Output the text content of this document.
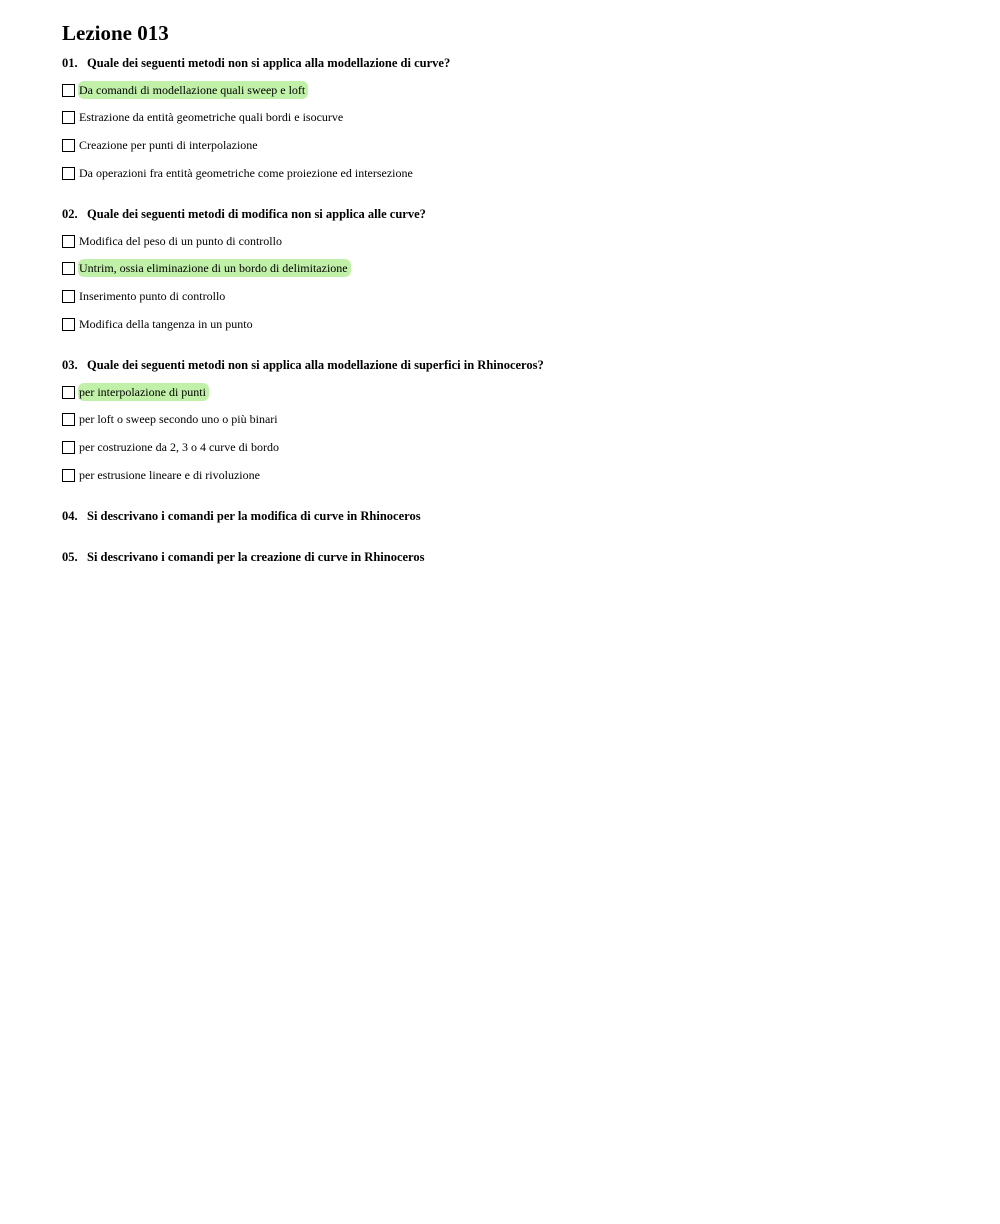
Lezione 013
01. Quale dei seguenti metodi non si applica alla modellazione di curve?
Da comandi di modellazione quali sweep e loft
Estrazione da entità geometriche quali bordi e isocurve
Creazione per punti di interpolazione
Da operazioni fra entità geometriche come proiezione ed intersezione
02. Quale dei seguenti metodi di modifica non si applica alle curve?
Modifica del peso di un punto di controllo
Untrim, ossia eliminazione di un bordo di delimitazione
Inserimento punto di controllo
Modifica della tangenza in un punto
03. Quale dei seguenti metodi non si applica alla modellazione di superfici in Rhinoceros?
per interpolazione di punti
per loft o sweep secondo uno o più binari
per costruzione da 2, 3 o 4 curve di bordo
per estrusione lineare e di rivoluzione
04. Si descrivano i comandi per la modifica di curve in Rhinoceros
05. Si descrivano i comandi per la creazione di curve in Rhinoceros
